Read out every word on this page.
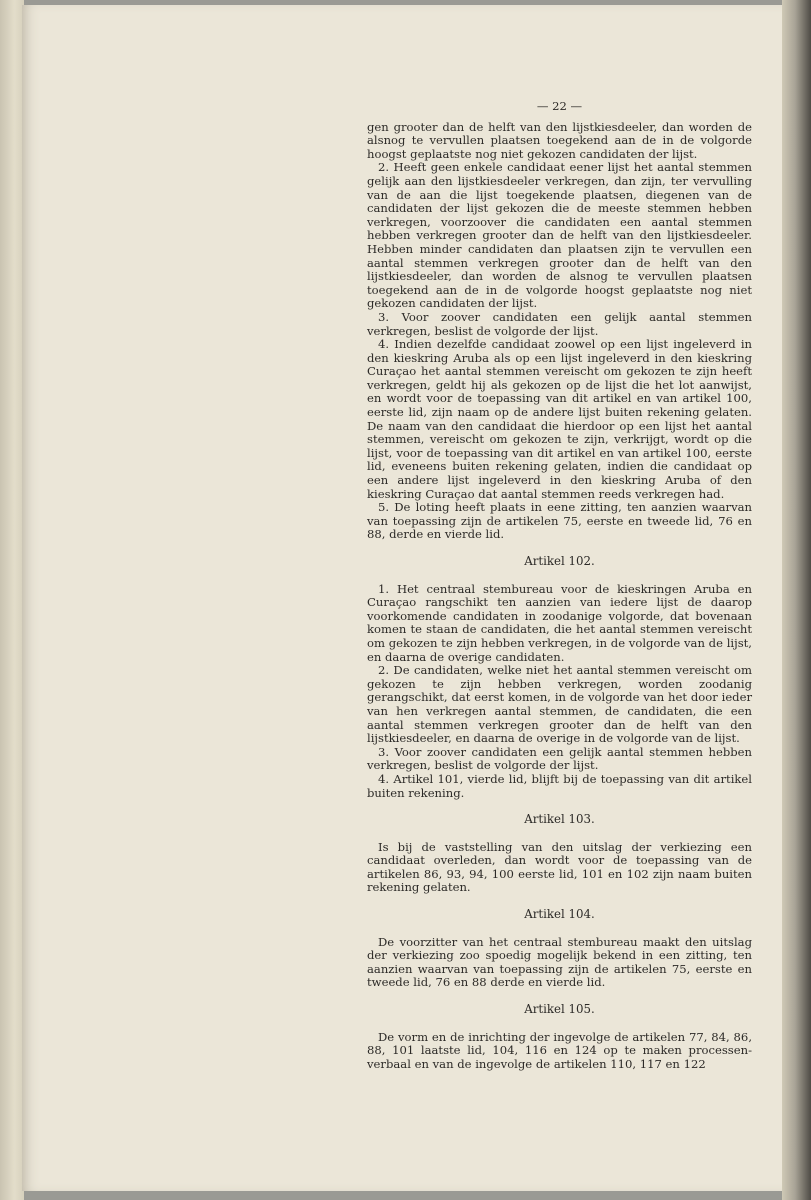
— 22 —

gen grooter dan de helft van den lijstkiesdeeler, dan worden de alsnog te vervullen plaatsen toegekend aan de in de volgorde hoogst geplaatste nog niet gekozen candidaten der lijst.

2. Heeft geen enkele candidaat eener lijst het aantal stemmen gelijk aan den lijstkiesdeeler verkregen, dan zijn, ter vervulling van de aan die lijst toegekende plaatsen, diegenen van de candidaten der lijst gekozen die de meeste stemmen hebben verkregen, voorzoover die candidaten een aantal stemmen hebben verkregen grooter dan de helft van den lijstkiesdeeler. Hebben minder candidaten dan plaatsen zijn te vervullen een aantal stemmen verkregen grooter dan de helft van den lijstkiesdeeler, dan worden de alsnog te vervullen plaatsen toegekend aan de in de volgorde hoogst geplaatste nog niet gekozen candidaten der lijst.

3. Voor zoover candidaten een gelijk aantal stemmen verkregen, beslist de volgorde der lijst.

4. Indien dezelfde candidaat zoowel op een lijst ingeleverd in den kieskring Aruba als op een lijst ingeleverd in den kieskring Curaçao het aantal stemmen vereischt om gekozen te zijn heeft verkregen, geldt hij als gekozen op de lijst die het lot aanwijst, en wordt voor de toepassing van dit artikel en van artikel 100, eerste lid, zijn naam op de andere lijst buiten rekening gelaten. De naam van den candidaat die hierdoor op een lijst het aantal stemmen, vereischt om gekozen te zijn, verkrijgt, wordt op die lijst, voor de toepassing van dit artikel en van artikel 100, eerste lid, eveneens buiten rekening gelaten, indien die candidaat op een andere lijst ingeleverd in den kieskring Aruba of den kieskring Curaçao dat aantal stemmen reeds verkregen had.

5. De loting heeft plaats in eene zitting, ten aanzien waarvan van toepassing zijn de artikelen 75, eerste en tweede lid, 76 en 88, derde en vierde lid.

Artikel 102.

1. Het centraal stembureau voor de kieskringen Aruba en Curaçao rangschikt ten aanzien van iedere lijst de daarop voorkomende candidaten in zoodanige volgorde, dat bovenaan komen te staan de candidaten, die het aantal stemmen vereischt om gekozen te zijn hebben verkregen, in de volgorde van de lijst, en daarna de overige candidaten.

2. De candidaten, welke niet het aantal stemmen vereischt om gekozen te zijn hebben verkregen, worden zoodanig gerangschikt, dat eerst komen, in de volgorde van het door ieder van hen verkregen aantal stemmen, de candidaten, die een aantal stemmen verkregen grooter dan de helft van den lijstkiesdeeler, en daarna de overige in de volgorde van de lijst.

3. Voor zoover candidaten een gelijk aantal stemmen hebben verkregen, beslist de volgorde der lijst.

4. Artikel 101, vierde lid, blijft bij de toepassing van dit artikel buiten rekening.

Artikel 103.

Is bij de vaststelling van den uitslag der verkiezing een candidaat overleden, dan wordt voor de toepassing van de artikelen 86, 93, 94, 100 eerste lid, 101 en 102 zijn naam buiten rekening gelaten.

Artikel 104.

De voorzitter van het centraal stembureau maakt den uitslag der verkiezing zoo spoedig mogelijk bekend in een zitting, ten aanzien waarvan van toepassing zijn de artikelen 75, eerste en tweede lid, 76 en 88 derde en vierde lid.

Artikel 105.

De vorm en de inrichting der ingevolge de artikelen 77, 84, 86, 88, 101 laatste lid, 104, 116 en 124 op te maken processen-verbaal en van de ingevolge de artikelen 110, 117 en 122
